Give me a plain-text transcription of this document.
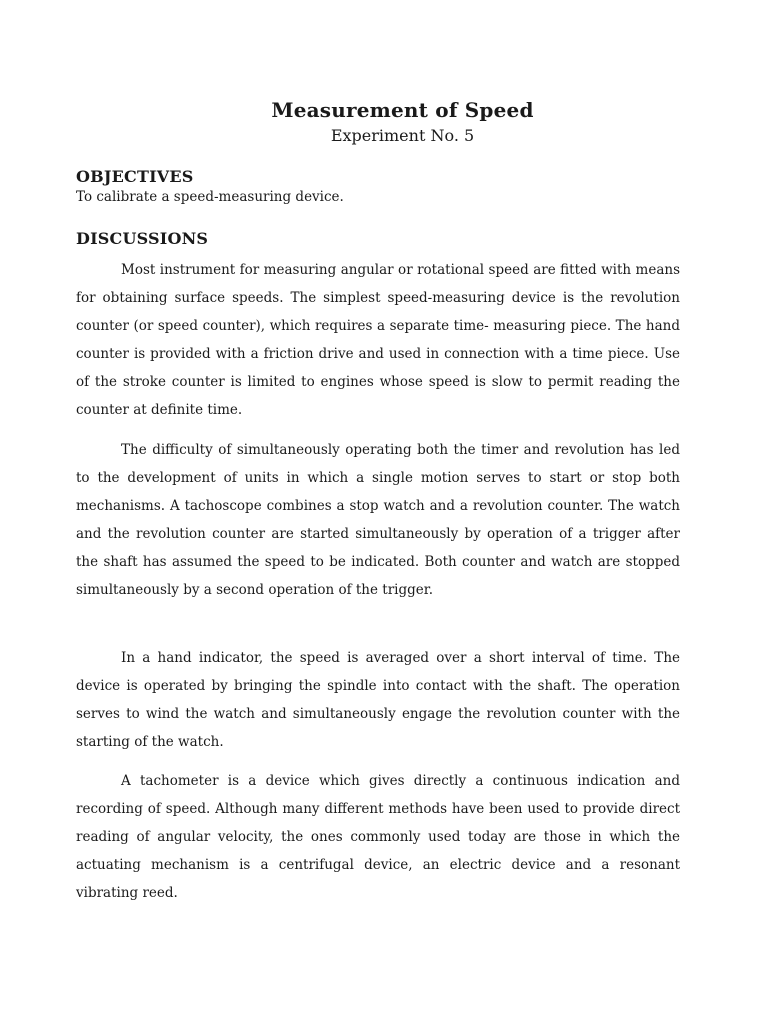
Measurement of Speed
Experiment No. 5
OBJECTIVES

To calibrate a speed-measuring device.

DISCUSSIONS

Most instrument for measuring angular or rotational speed are fitted with means for obtaining surface speeds. The simplest speed-measuring device is the revolution counter (or speed counter), which requires a separate time- measuring piece. The hand counter is provided with a friction drive and used in connection with a time piece. Use of the stroke counter is limited to engines whose speed is slow to permit reading the counter at definite time.

The difficulty of simultaneously operating both the timer and revolution has led to the development of units in which a single motion serves to start or stop both mechanisms. A tachoscope combines a stop watch and a revolution counter. The watch and the revolution counter are started simultaneously by operation of a trigger after the shaft has assumed the speed to be indicated. Both counter and watch are stopped simultaneously by a second operation of the trigger.

In a hand indicator, the speed is averaged over a short interval of time. The device is operated by bringing the spindle into contact with the shaft. The operation serves to wind the watch and simultaneously engage the revolution counter with the starting of the watch.

A tachometer is a device which gives directly a continuous indication and recording of speed. Although many different methods have been used to provide direct reading of angular velocity, the ones commonly used today are those in which the actuating mechanism is a centrifugal device, an electric device and a resonant vibrating reed.
